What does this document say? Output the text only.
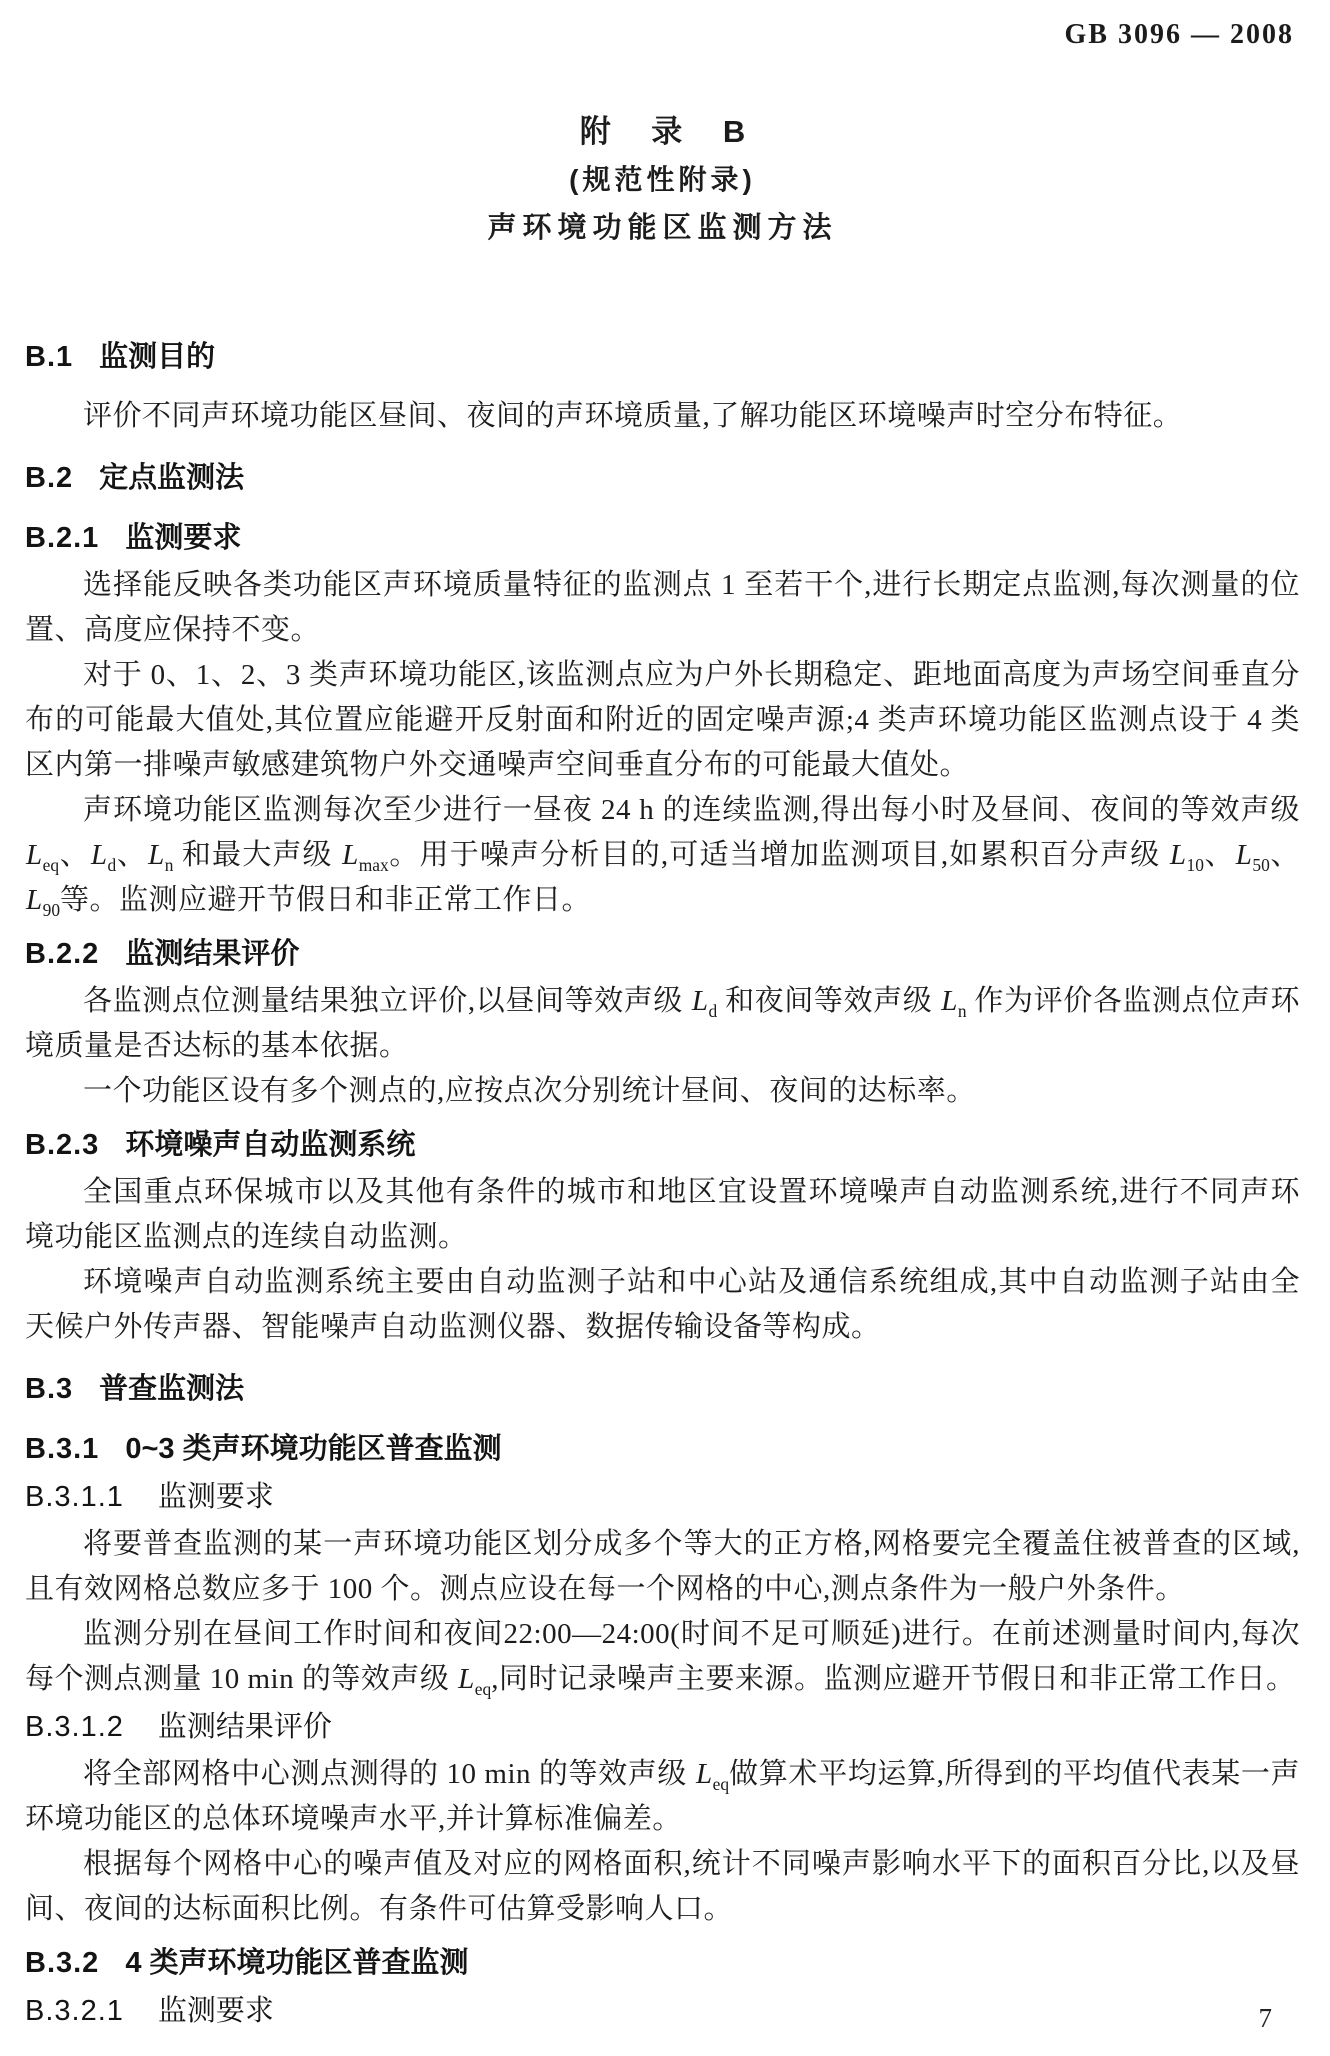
GB 3096 — 2008
附 录 B
(规范性附录)
声环境功能区监测方法
B.1 监测目的

评价不同声环境功能区昼间、夜间的声环境质量,了解功能区环境噪声时空分布特征。

B.2 定点监测法
B.2.1 监测要求

选择能反映各类功能区声环境质量特征的监测点 1 至若干个,进行长期定点监测,每次测量的位置、高度应保持不变。

对于 0、1、2、3 类声环境功能区,该监测点应为户外长期稳定、距地面高度为声场空间垂直分布的可能最大值处,其位置应能避开反射面和附近的固定噪声源;4 类声环境功能区监测点设于 4 类区内第一排噪声敏感建筑物户外交通噪声空间垂直分布的可能最大值处。

声环境功能区监测每次至少进行一昼夜 24 h 的连续监测,得出每小时及昼间、夜间的等效声级 $L_{eq}$、$L_d$、$L_n$ 和最大声级 $L_{max}$。用于噪声分析目的,可适当增加监测项目,如累积百分声级 $L_{10}$、$L_{50}$、$L_{90}$等。监测应避开节假日和非正常工作日。

B.2.2 监测结果评价

各监测点位测量结果独立评价,以昼间等效声级 $L_d$ 和夜间等效声级 $L_n$ 作为评价各监测点位声环境质量是否达标的基本依据。

一个功能区设有多个测点的,应按点次分别统计昼间、夜间的达标率。

B.2.3 环境噪声自动监测系统

全国重点环保城市以及其他有条件的城市和地区宜设置环境噪声自动监测系统,进行不同声环境功能区监测点的连续自动监测。

环境噪声自动监测系统主要由自动监测子站和中心站及通信系统组成,其中自动监测子站由全天候户外传声器、智能噪声自动监测仪器、数据传输设备等构成。

B.3 普查监测法
B.3.1 0~3 类声环境功能区普查监测
B.3.1.1 监测要求

将要普查监测的某一声环境功能区划分成多个等大的正方格,网格要完全覆盖住被普查的区域,且有效网格总数应多于 100 个。测点应设在每一个网格的中心,测点条件为一般户外条件。

监测分别在昼间工作时间和夜间22:00—24:00(时间不足可顺延)进行。在前述测量时间内,每次每个测点测量 10 min 的等效声级 $L_{eq}$,同时记录噪声主要来源。监测应避开节假日和非正常工作日。

B.3.1.2 监测结果评价

将全部网格中心测点测得的 10 min 的等效声级 $L_{eq}$做算术平均运算,所得到的平均值代表某一声环境功能区的总体环境噪声水平,并计算标准偏差。

根据每个网格中心的噪声值及对应的网格面积,统计不同噪声影响水平下的面积百分比,以及昼间、夜间的达标面积比例。有条件可估算受影响人口。

B.3.2 4 类声环境功能区普查监测
B.3.2.1 监测要求	7
